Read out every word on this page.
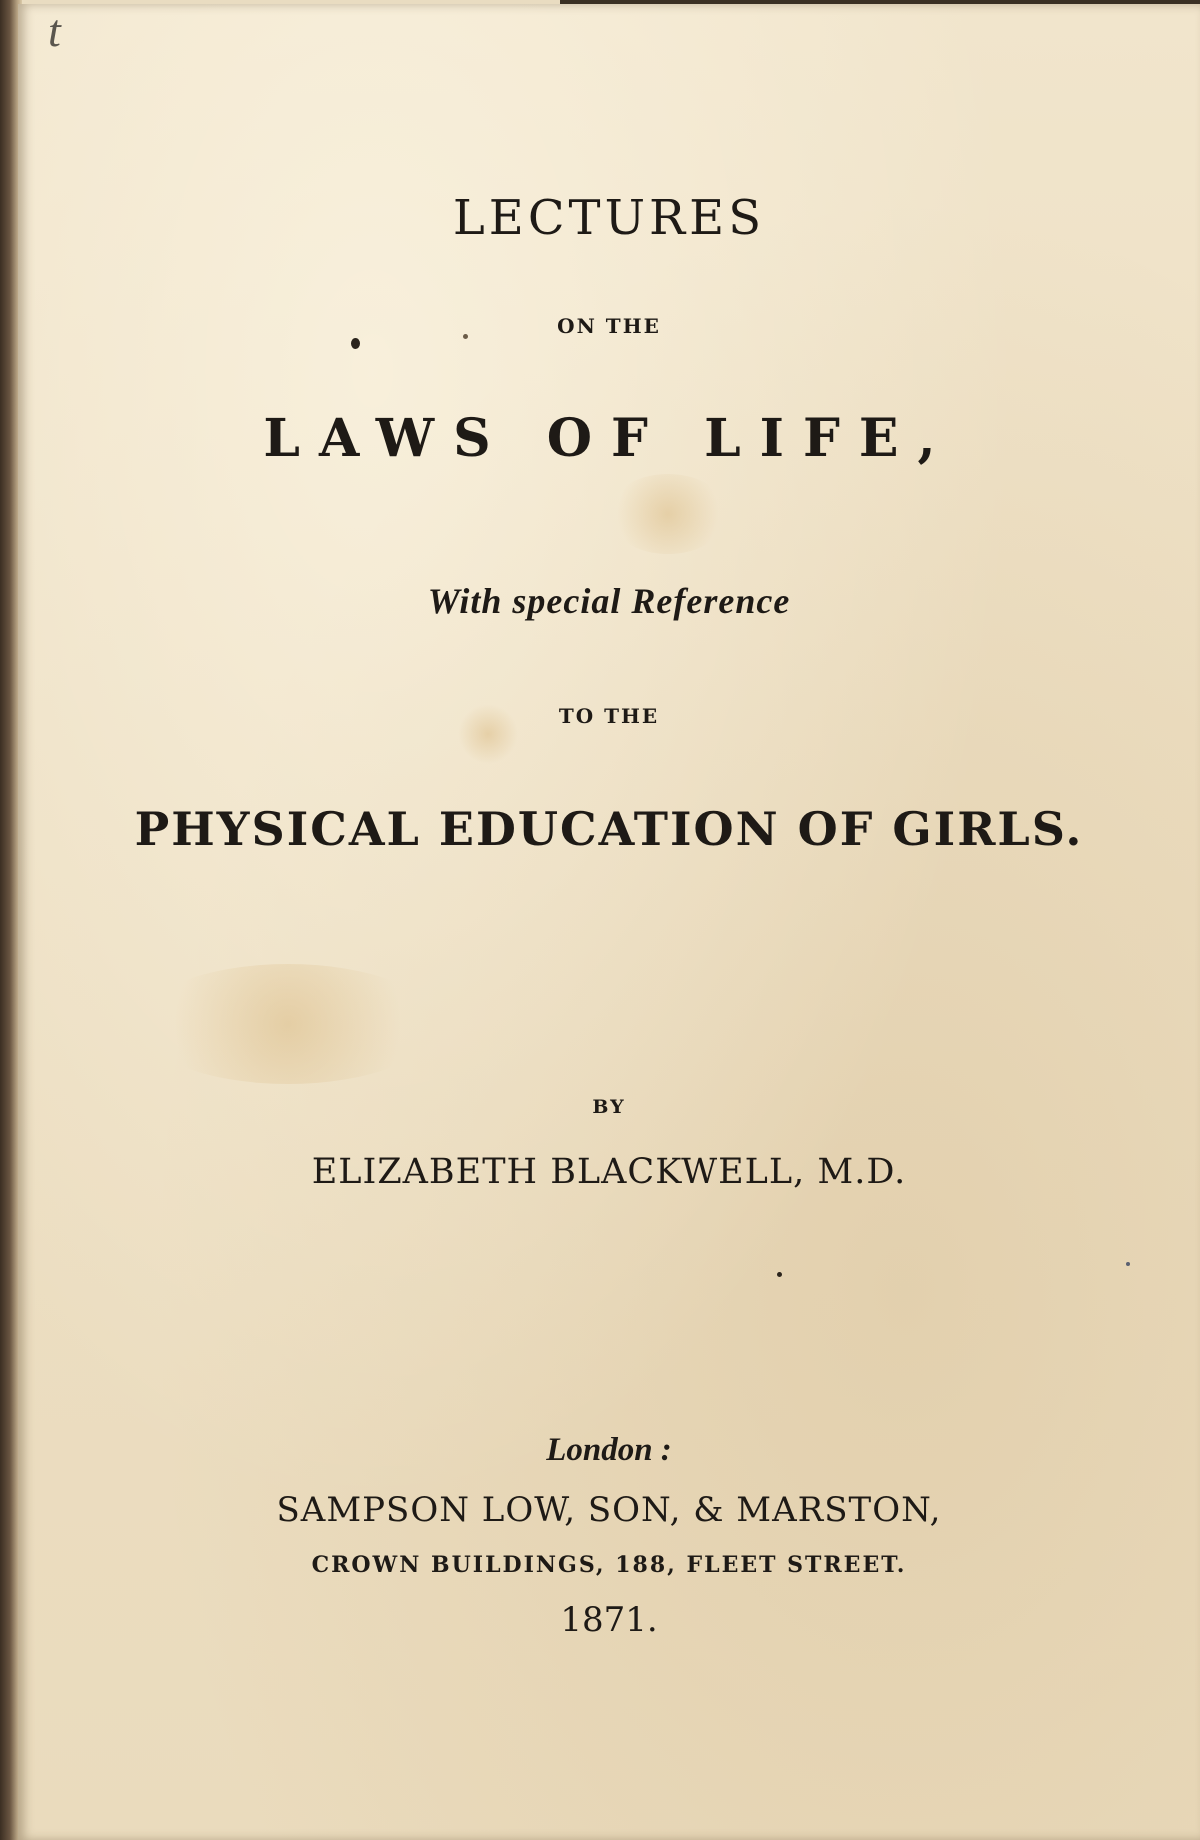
t
LECTURES
ON THE
LAWS OF LIFE,
With special Reference
TO THE
PHYSICAL EDUCATION OF GIRLS.
BY
ELIZABETH BLACKWELL, M.D.
London :
SAMPSON LOW, SON, & MARSTON,
CROWN BUILDINGS, 188, FLEET STREET.
1871.
